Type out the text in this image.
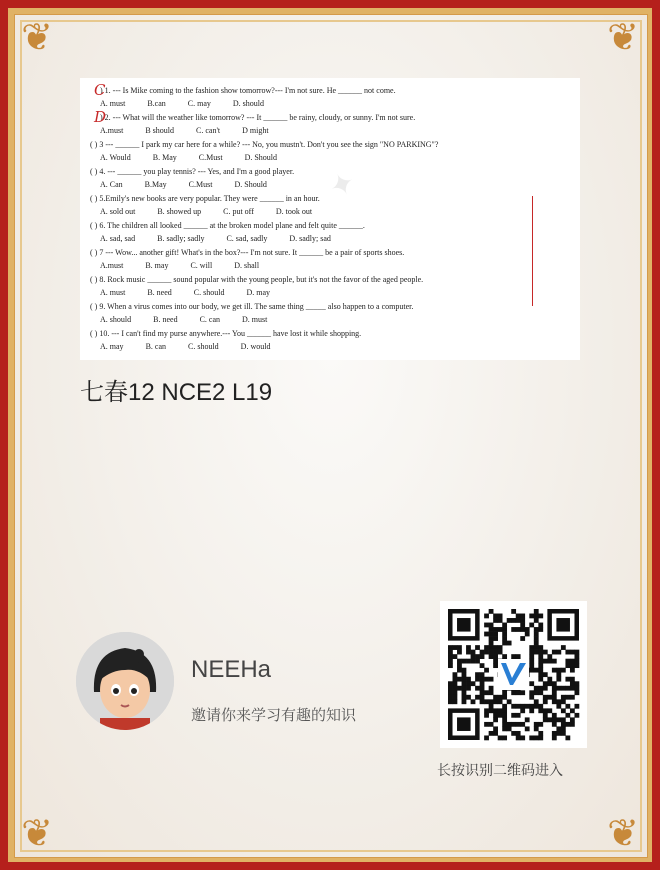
❦	❦
❦	❦
✦
) 1. --- Is Mike coming to the fashion show tomorrow?--- I'm not sure. He ______ not come.
C
A. must	B.can	C. may	D. should
) 2. --- What will the weather like tomorrow? --- It ______ be rainy, cloudy, or sunny. I'm not sure.
D
A.must	B should	C. can't	D might
( ) 3 --- ______ I park my car here for a while? --- No, you mustn't. Don't you see the sign "NO PARKING"?
A. Would	B. May	C.Must	D. Should
( ) 4. --- ______ you play tennis? --- Yes, and I'm a good player.
A. Can	B.May	C.Must	D. Should
( ) 5.Emily's new books are very popular. They were ______ in an hour.
A. sold out	B. showed up	C. put off	D. took out
( ) 6. The children all looked ______ at the broken model plane and felt quite ______.
A. sad, sad	B. sadly; sadly	C. sad, sadly	D. sadly; sad
( ) 7 --- Wow... another gift! What's in the box?--- I'm not sure. It ______ be a pair of sports shoes.
A.must	B. may	C. will	D. shall
( ) 8. Rock music ______ sound popular with the young people, but it's not the favor of the aged people.
A. must	B. need	C. should	D. may
( ) 9. When a virus comes into our body, we get ill. The same thing _____ also happen to a computer.
A. should	B. need	C. can	D. must
( ) 10. --- I can't find my purse anywhere.--- You ______ have lost it while shopping.
A. may	B. can	C. should	D. would
七春12 NCE2 L19
NEEHa
邀请你来学习有趣的知识
长按识别二维码进入
